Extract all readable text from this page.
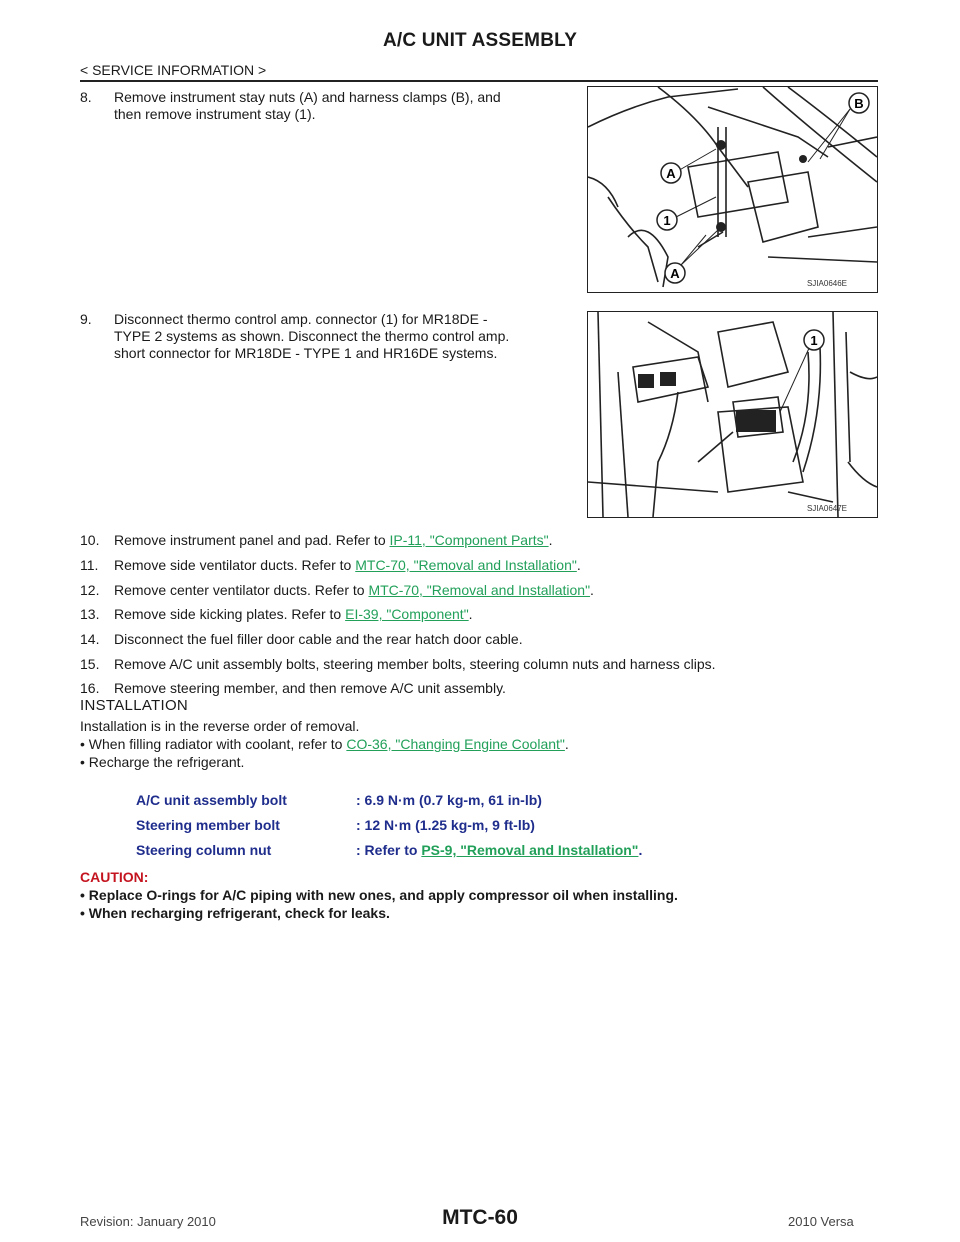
A/C UNIT ASSEMBLY
< SERVICE INFORMATION >
8. Remove instrument stay nuts (A) and harness clamps (B), and
then remove instrument stay (1).
B
A
1
A
SJIA0646E
9. Disconnect thermo control amp. connector (1) for MR18DE -
TYPE 2 systems as shown. Disconnect the thermo control amp.
short connector for MR18DE - TYPE 1 and HR16DE systems.
1
SJIA0647E
10. Remove instrument panel and pad. Refer to IP-11, "Component Parts".
11. Remove side ventilator ducts. Refer to MTC-70, "Removal and Installation".
12. Remove center ventilator ducts. Refer to MTC-70, "Removal and Installation".
13. Remove side kicking plates. Refer to EI-39, "Component".
14. Disconnect the fuel filler door cable and the rear hatch door cable.
15. Remove A/C unit assembly bolts, steering member bolts, steering column nuts and harness clips.
16. Remove steering member, and then remove A/C unit assembly.
INSTALLATION
Installation is in the reverse order of removal.
• When filling radiator with coolant, refer to CO-36, "Changing Engine Coolant".
• Recharge the refrigerant.
A/C unit assembly bolt	: 6.9 N·m (0.7 kg-m, 61 in-lb)
Steering member bolt	: 12 N·m (1.25 kg-m, 9 ft-lb)
Steering column nut	: Refer to PS-9, "Removal and Installation".
CAUTION:
• Replace O-rings for A/C piping with new ones, and apply compressor oil when installing.
• When recharging refrigerant, check for leaks.
Revision: January 2010	MTC-60	2010 Versa
